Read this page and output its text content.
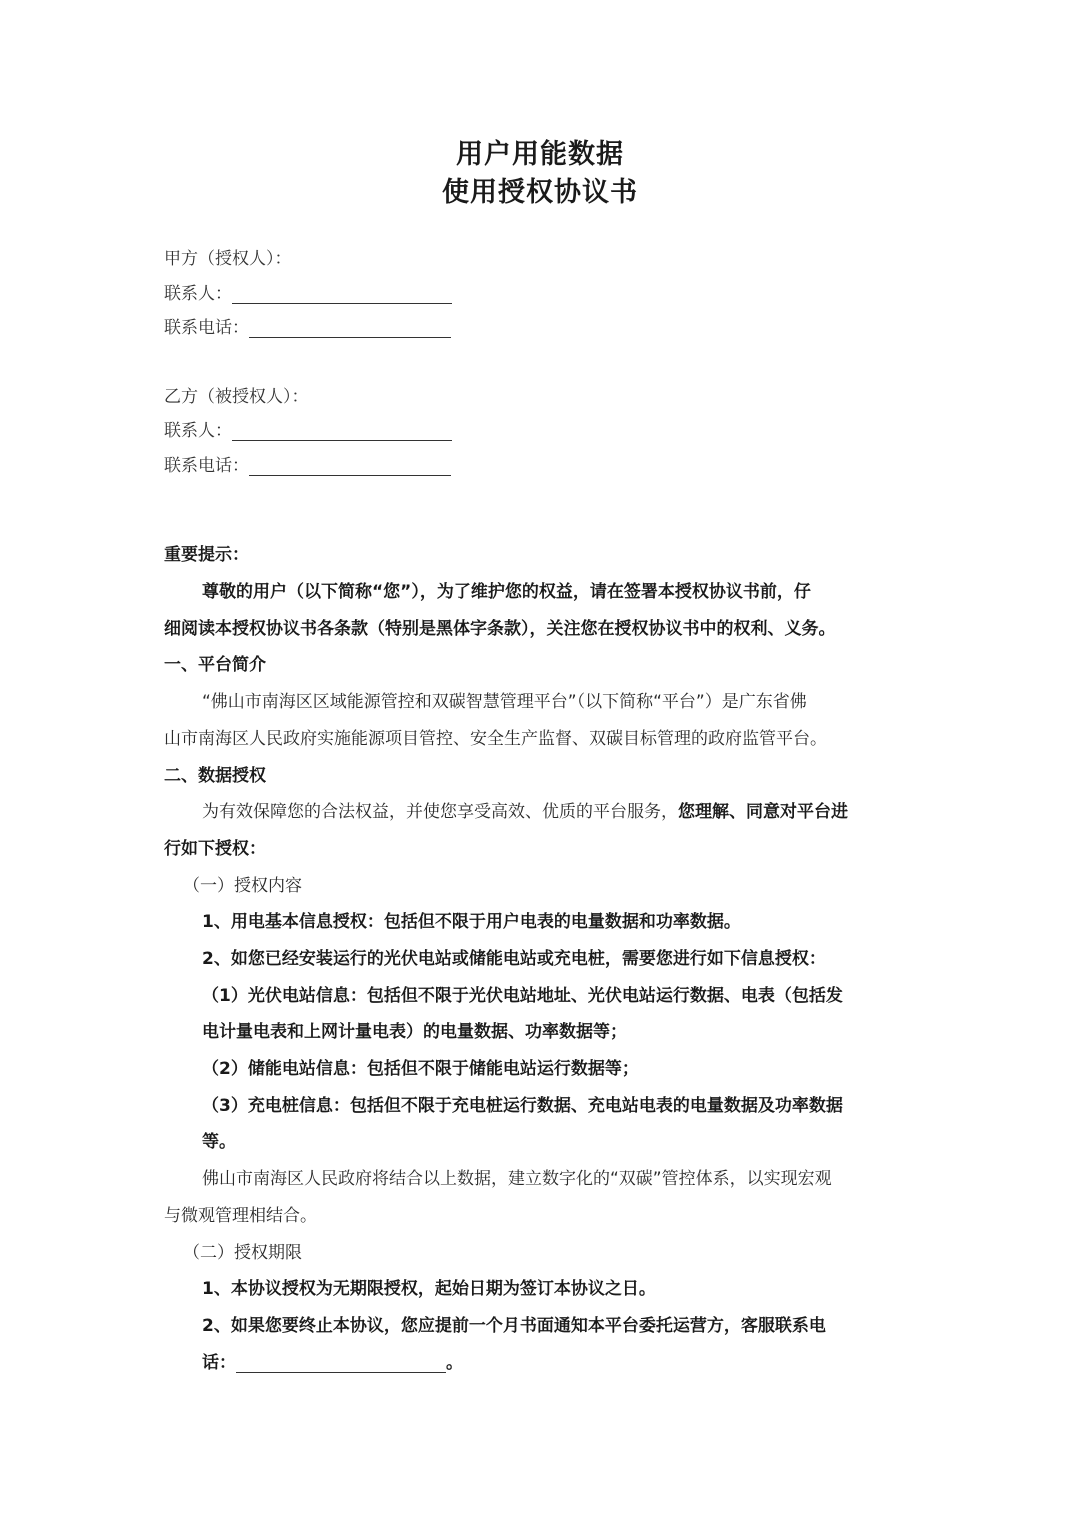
用户用能数据
使用授权协议书
甲方（授权人）：
联系人：
联系电话：
乙方（被授权人）：
联系人：
联系电话：
重要提示：
尊敬的用户（以下简称“您”），为了维护您的权益，请在签署本授权协议书前，仔
细阅读本授权协议书各条款（特别是黑体字条款），关注您在授权协议书中的权利、义务。
一、平台简介
“佛山市南海区区域能源管控和双碳智慧管理平台”（以下简称“平台”）是广东省佛
山市南海区人民政府实施能源项目管控、安全生产监督、双碳目标管理的政府监管平台。
二、数据授权
为有效保障您的合法权益，并使您享受高效、优质的平台服务，您理解、同意对平台进
行如下授权：
（一）授权内容
1、用电基本信息授权：包括但不限于用户电表的电量数据和功率数据。
2、如您已经安装运行的光伏电站或储能电站或充电桩，需要您进行如下信息授权：
（1）光伏电站信息：包括但不限于光伏电站地址、光伏电站运行数据、电表（包括发
电计量电表和上网计量电表）的电量数据、功率数据等；
（2）储能电站信息：包括但不限于储能电站运行数据等；
（3）充电桩信息：包括但不限于充电桩运行数据、充电站电表的电量数据及功率数据
等。
佛山市南海区人民政府将结合以上数据，建立数字化的“双碳”管控体系，以实现宏观
与微观管理相结合。
（二）授权期限
1、本协议授权为无期限授权，起始日期为签订本协议之日。
2、如果您要终止本协议，您应提前一个月书面通知本平台委托运营方，客服联系电
话：	。
